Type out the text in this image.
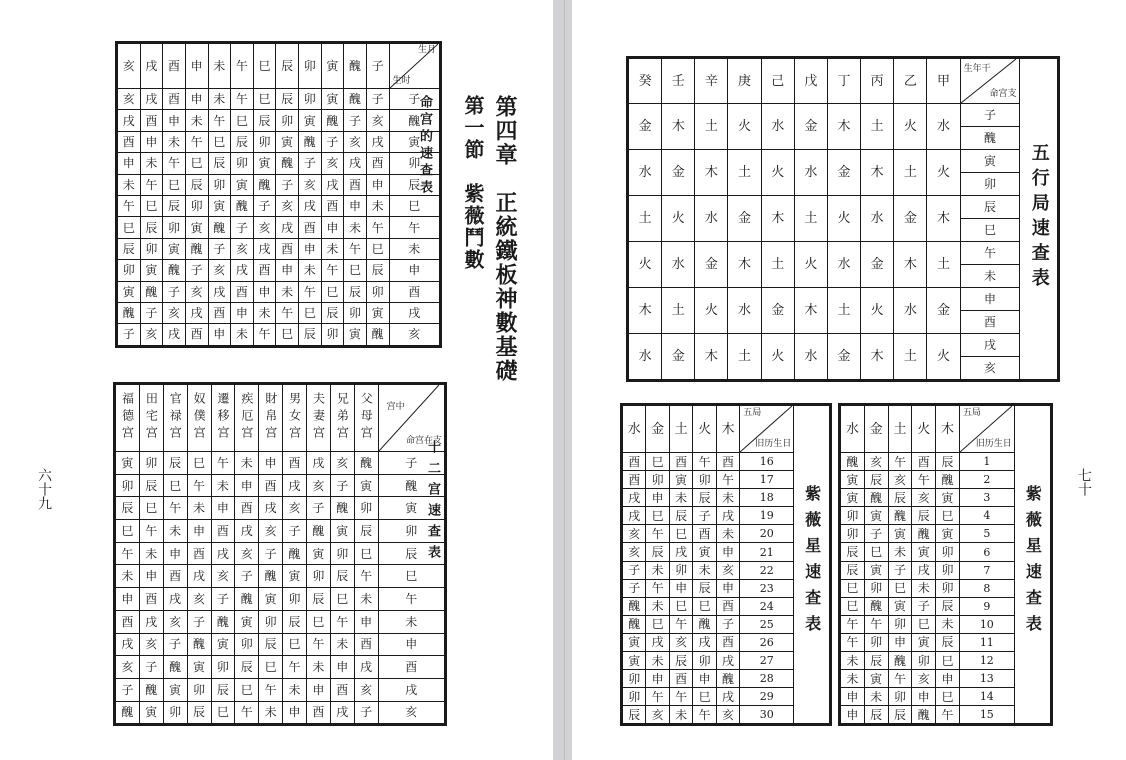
六十九
第四章　正統鐵板神數基礎
第一節　紫薇鬥數
亥	戌	酉	申	未	午	巳	辰	卯	寅	醜	子	生月
生时

亥	戌	酉	申	未	午	巳	辰	卯	寅	醜	子	子
戌	酉	申	未	午	巳	辰	卯	寅	醜	子	亥	醜
酉	申	未	午	巳	辰	卯	寅	醜	子	亥	戌	寅
申	未	午	巳	辰	卯	寅	醜	子	亥	戌	酉	卯
未	午	巳	辰	卯	寅	醜	子	亥	戌	酉	申	辰
午	巳	辰	卯	寅	醜	子	亥	戌	酉	申	未	巳
巳	辰	卯	寅	醜	子	亥	戌	酉	申	未	午	午
辰	卯	寅	醜	子	亥	戌	酉	申	未	午	巳	未
卯	寅	醜	子	亥	戌	酉	申	未	午	巳	辰	申
寅	醜	子	亥	戌	酉	申	未	午	巳	辰	卯	酉
醜	子	亥	戌	酉	申	未	午	巳	辰	卯	寅	戌
子	亥	戌	酉	申	未	午	巳	辰	卯	寅	醜	亥
命宫的速查表
福德宫	田宅宫	官禄宫	奴僕宫	遷移宫	疾厄宫	財帛宫	男女宫	夫妻宫	兄弟宫	父母宫	宫中
命宫在支

寅	卯	辰	巳	午	未	申	酉	戌	亥	醜	子
卯	辰	巳	午	未	申	酉	戌	亥	子	寅	醜
辰	巳	午	未	申	酉	戌	亥	子	醜	卯	寅
巳	午	未	申	酉	戌	亥	子	醜	寅	辰	卯
午	未	申	酉	戌	亥	子	醜	寅	卯	巳	辰
未	申	酉	戌	亥	子	醜	寅	卯	辰	午	巳
申	酉	戌	亥	子	醜	寅	卯	辰	巳	未	午
酉	戌	亥	子	醜	寅	卯	辰	巳	午	申	未
戌	亥	子	醜	寅	卯	辰	巳	午	未	酉	申
亥	子	醜	寅	卯	辰	巳	午	未	申	戌	酉
子	醜	寅	卯	辰	巳	午	未	申	酉	亥	戌
醜	寅	卯	辰	巳	午	未	申	酉	戌	子	亥
十二宫速查表	七十
癸	壬	辛	庚	己	戊	丁	丙	乙	甲	生年干
命宫支	五行局速查表
金	木	土	火	水	金	木	土	火	水	子
醜	

水	金	木	土	火	水	金	木	土	火	寅
卯	

土	火	水	金	木	土	火	水	金	木	辰
巳	

火	水	金	木	土	火	水	金	木	土	午
未	

木	土	火	水	金	木	土	火	水	金	申
酉	

水	金	木	土	火	水	金	木	土	火	戌
亥	
水	金	土	火	木	五局
旧历生日	紫薇星速查表
酉	巳	酉	午	酉	16	
酉	卯	寅	卯	午	17	
戌	申	未	辰	未	18	
戌	巳	辰	子	戌	19	
亥	午	巳	酉	未	20	
亥	辰	戌	寅	申	21	
子	未	卯	未	亥	22	
子	午	申	辰	申	23	
醜	未	巳	巳	酉	24	
醜	巳	午	醜	子	25	
寅	戌	亥	戌	酉	26	
寅	未	辰	卯	戌	27	
卯	申	酉	申	醜	28	
卯	午	午	巳	戌	29	
辰	亥	未	午	亥	30	
水	金	土	火	木	五局
旧历生日	紫薇星速查表
醜	亥	午	酉	辰	1	
寅	辰	亥	午	醜	2	
寅	醜	辰	亥	寅	3	
卯	寅	醜	辰	巳	4	
卯	子	寅	醜	寅	5	
辰	巳	未	寅	卯	6	
辰	寅	子	戌	卯	7	
巳	卯	巳	未	卯	8	
巳	醜	寅	子	辰	9	
午	午	卯	巳	未	10	
午	卯	申	寅	辰	11	
未	辰	醜	卯	巳	12	
未	寅	午	亥	申	13	
申	未	卯	申	巳	14	
申	辰	辰	醜	午	15	
